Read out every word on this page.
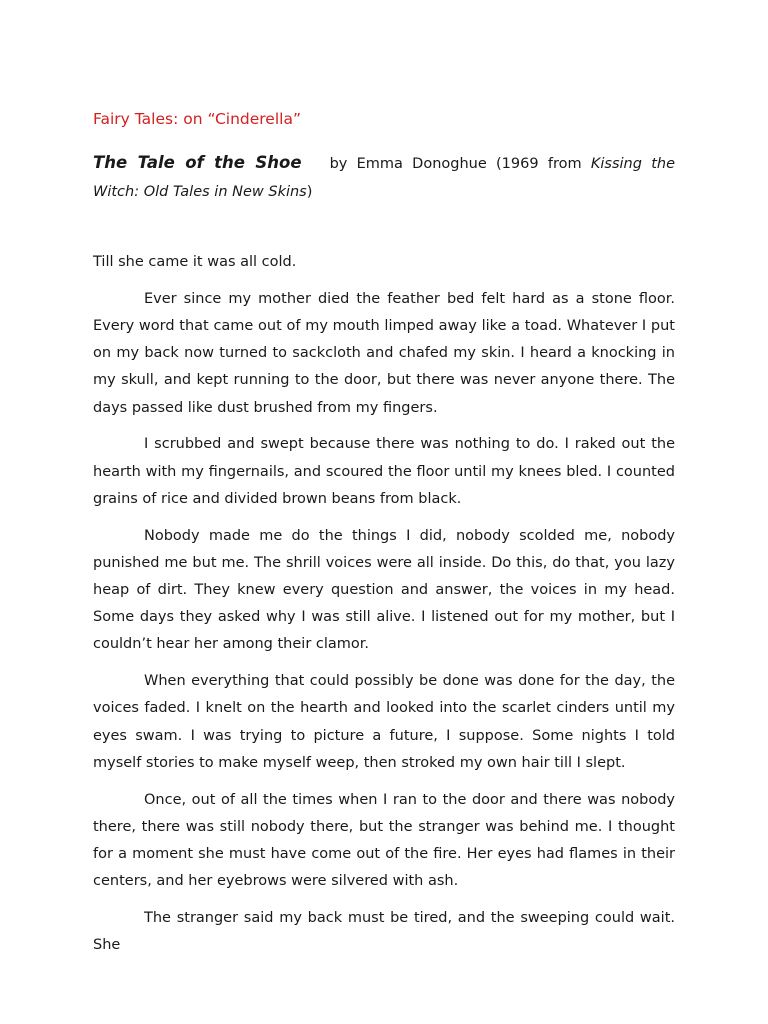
Fairy Tales: on “Cinderella”
The Tale of the Shoe by Emma Donoghue (1969 from Kissing the Witch: Old Tales in New Skins)

Till she came it was all cold.

Ever since my mother died the feather bed felt hard as a stone floor. Every word that came out of my mouth limped away like a toad. Whatever I put on my back now turned to sackcloth and chafed my skin. I heard a knocking in my skull, and kept running to the door, but there was never anyone there. The days passed like dust brushed from my fingers.

I scrubbed and swept because there was nothing to do. I raked out the hearth with my fingernails, and scoured the floor until my knees bled. I counted grains of rice and divided brown beans from black.

Nobody made me do the things I did, nobody scolded me, nobody punished me but me. The shrill voices were all inside. Do this, do that, you lazy heap of dirt. They knew every question and answer, the voices in my head. Some days they asked why I was still alive. I listened out for my mother, but I couldn’t hear her among their clamor.

When everything that could possibly be done was done for the day, the voices faded. I knelt on the hearth and looked into the scarlet cinders until my eyes swam. I was trying to picture a future, I suppose. Some nights I told myself stories to make myself weep, then stroked my own hair till I slept.

Once, out of all the times when I ran to the door and there was nobody there, there was still nobody there, but the stranger was behind me. I thought for a moment she must have come out of the fire. Her eyes had flames in their centers, and her eyebrows were silvered with ash.

The stranger said my back must be tired, and the sweeping could wait. She
